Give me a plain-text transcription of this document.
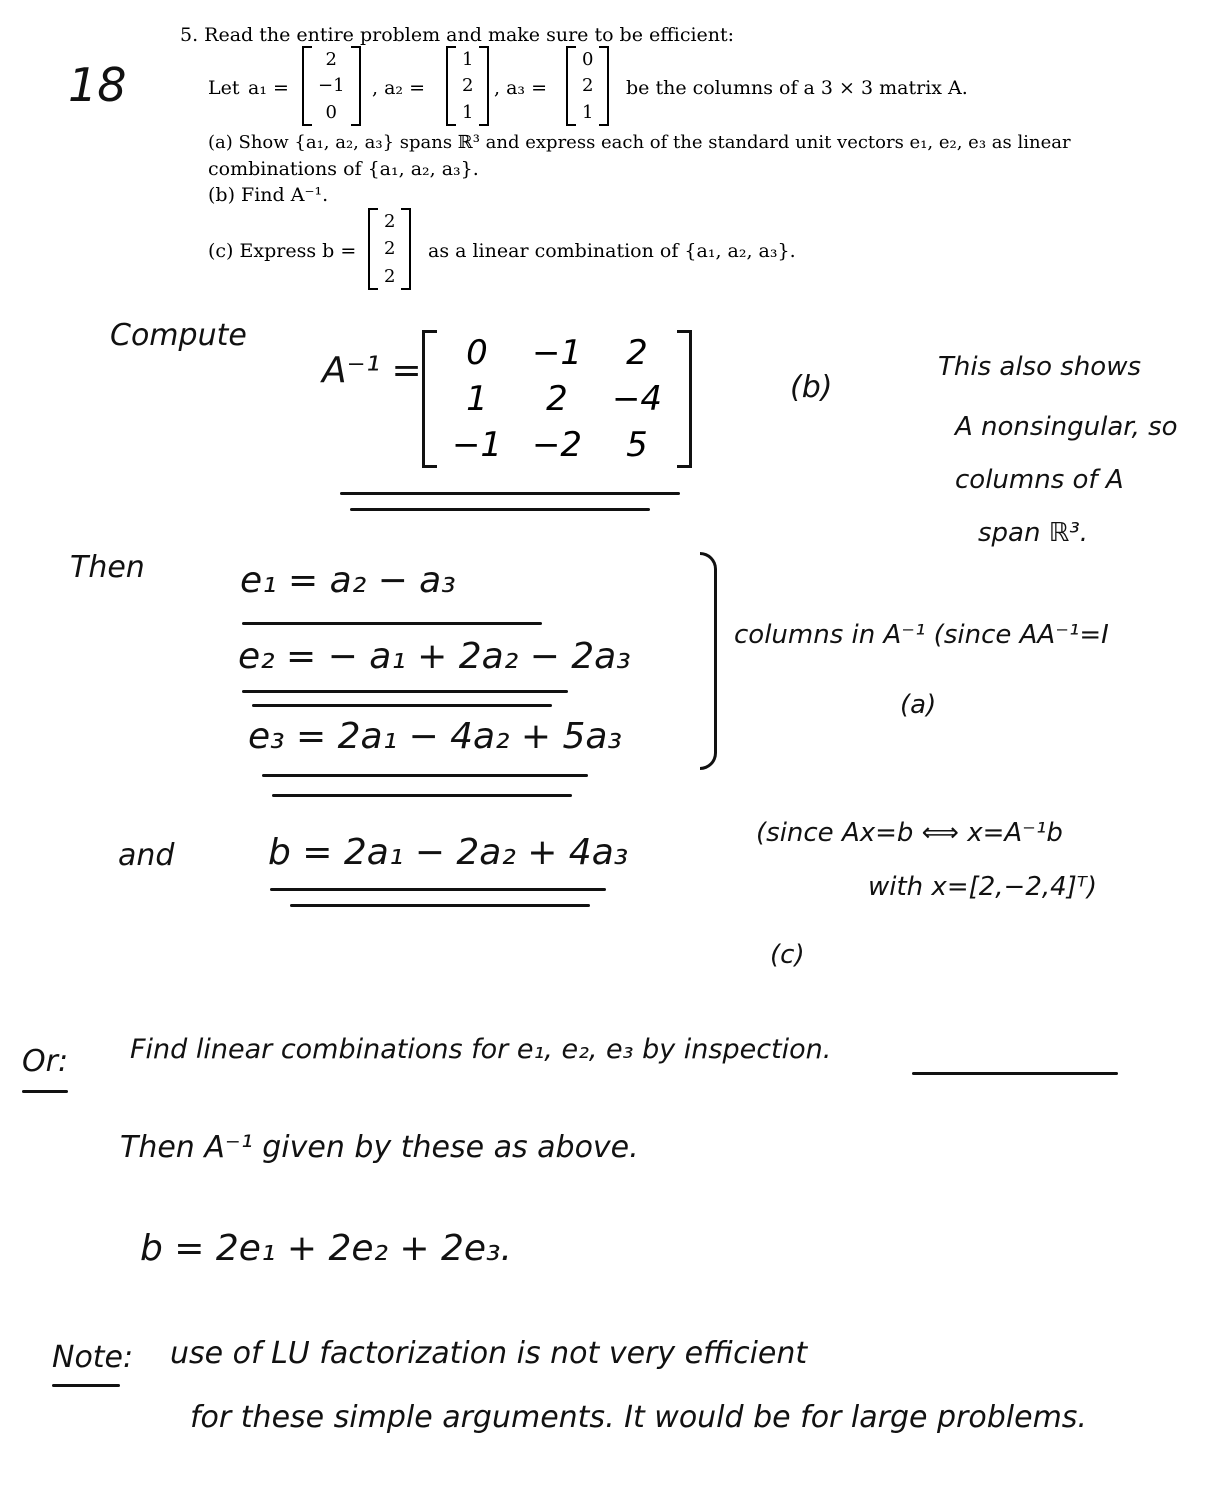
5. Read the entire problem and make sure to be efficient:
Let a₁ =
2
−1
0
, a₂ =
1
2
1
, a₃ =
0
2
1
be the columns of a 3 × 3 matrix A.
(a) Show {a₁, a₂, a₃} spans ℝ³ and express each of the standard unit vectors e₁, e₂, e₃ as linear
combinations of {a₁, a₂, a₃}.
(b) Find A⁻¹.
(c) Express b =
2
2
2
as a linear combination of {a₁, a₂, a₃}.
18
Compute
A⁻¹ = 0 −1 2
1 2 −4
−1 −2 5
(b)
This also shows
A nonsingular, so
columns of A
span ℝ³.
Then	e₁ = a₂ − a₃
e₂ = − a₁ + 2a₂ − 2a₃
e₃ = 2a₁ − 4a₂ + 5a₃
columns in A⁻¹ (since AA⁻¹=I
(a)
and	b = 2a₁ − 2a₂ + 4a₃	(since Ax=b ⟺ x=A⁻¹b
with x=[2,−2,4]ᵀ)
(c)
Or: Find linear combinations for e₁, e₂, e₃ by inspection.
Then A⁻¹ given by these as above.
b = 2e₁ + 2e₂ + 2e₃.
Note: use of LU factorization is not very efficient
for these simple arguments. It would be for large problems.
